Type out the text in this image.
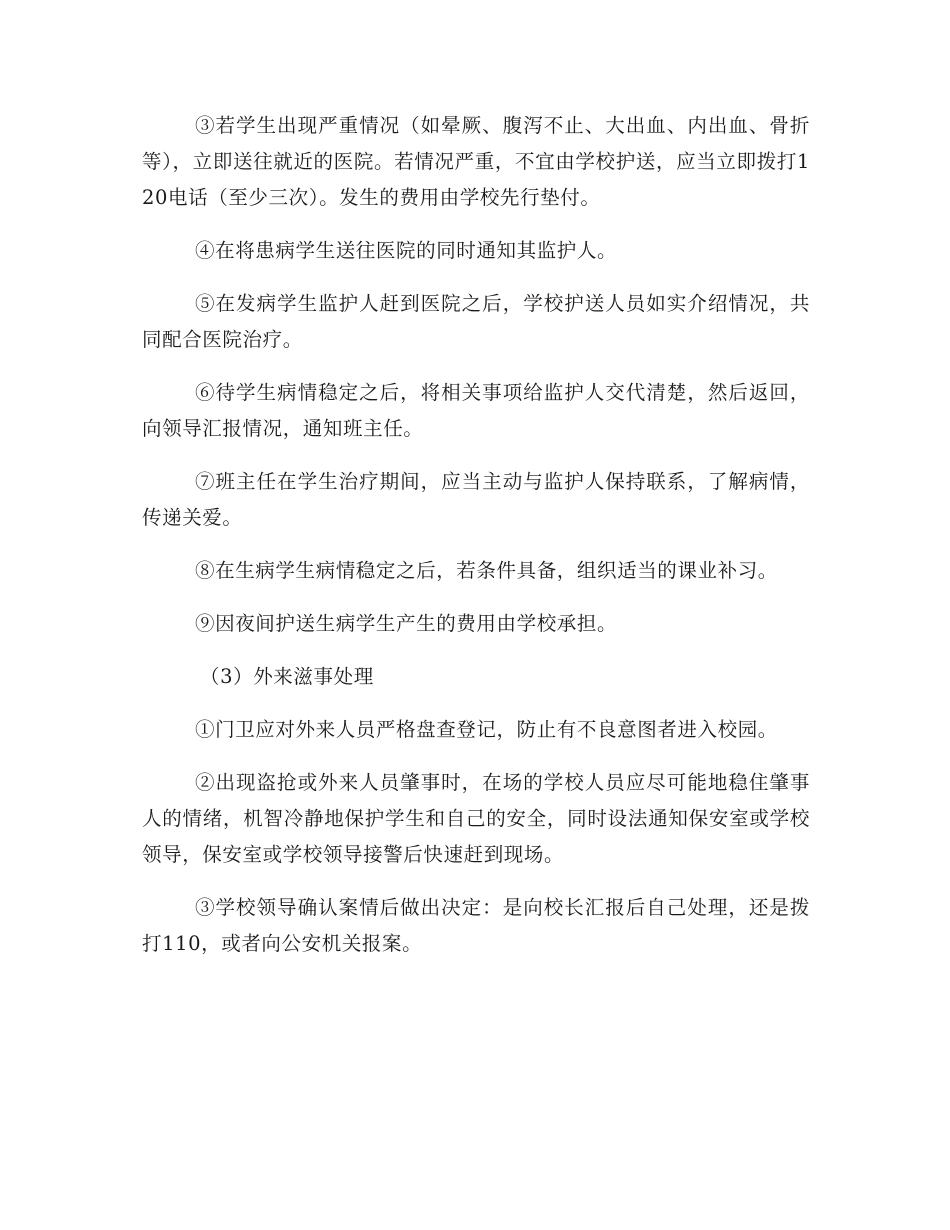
③若学生出现严重情况（如晕厥、腹泻不止、大出血、内出血、骨折等），立即送往就近的医院。若情况严重，不宜由学校护送，应当立即拨打120电话（至少三次）。发生的费用由学校先行垫付。

④在将患病学生送往医院的同时通知其监护人。

⑤在发病学生监护人赶到医院之后，学校护送人员如实介绍情况，共同配合医院治疗。

⑥待学生病情稳定之后，将相关事项给监护人交代清楚，然后返回，向领导汇报情况，通知班主任。

⑦班主任在学生治疗期间，应当主动与监护人保持联系，了解病情，传递关爱。

⑧在生病学生病情稳定之后，若条件具备，组织适当的课业补习。

⑨因夜间护送生病学生产生的费用由学校承担。

（3）外来滋事处理

①门卫应对外来人员严格盘查登记，防止有不良意图者进入校园。

②出现盗抢或外来人员肇事时，在场的学校人员应尽可能地稳住肇事人的情绪，机智冷静地保护学生和自己的安全，同时设法通知保安室或学校领导，保安室或学校领导接警后快速赶到现场。

③学校领导确认案情后做出决定：是向校长汇报后自己处理，还是拨打110，或者向公安机关报案。
